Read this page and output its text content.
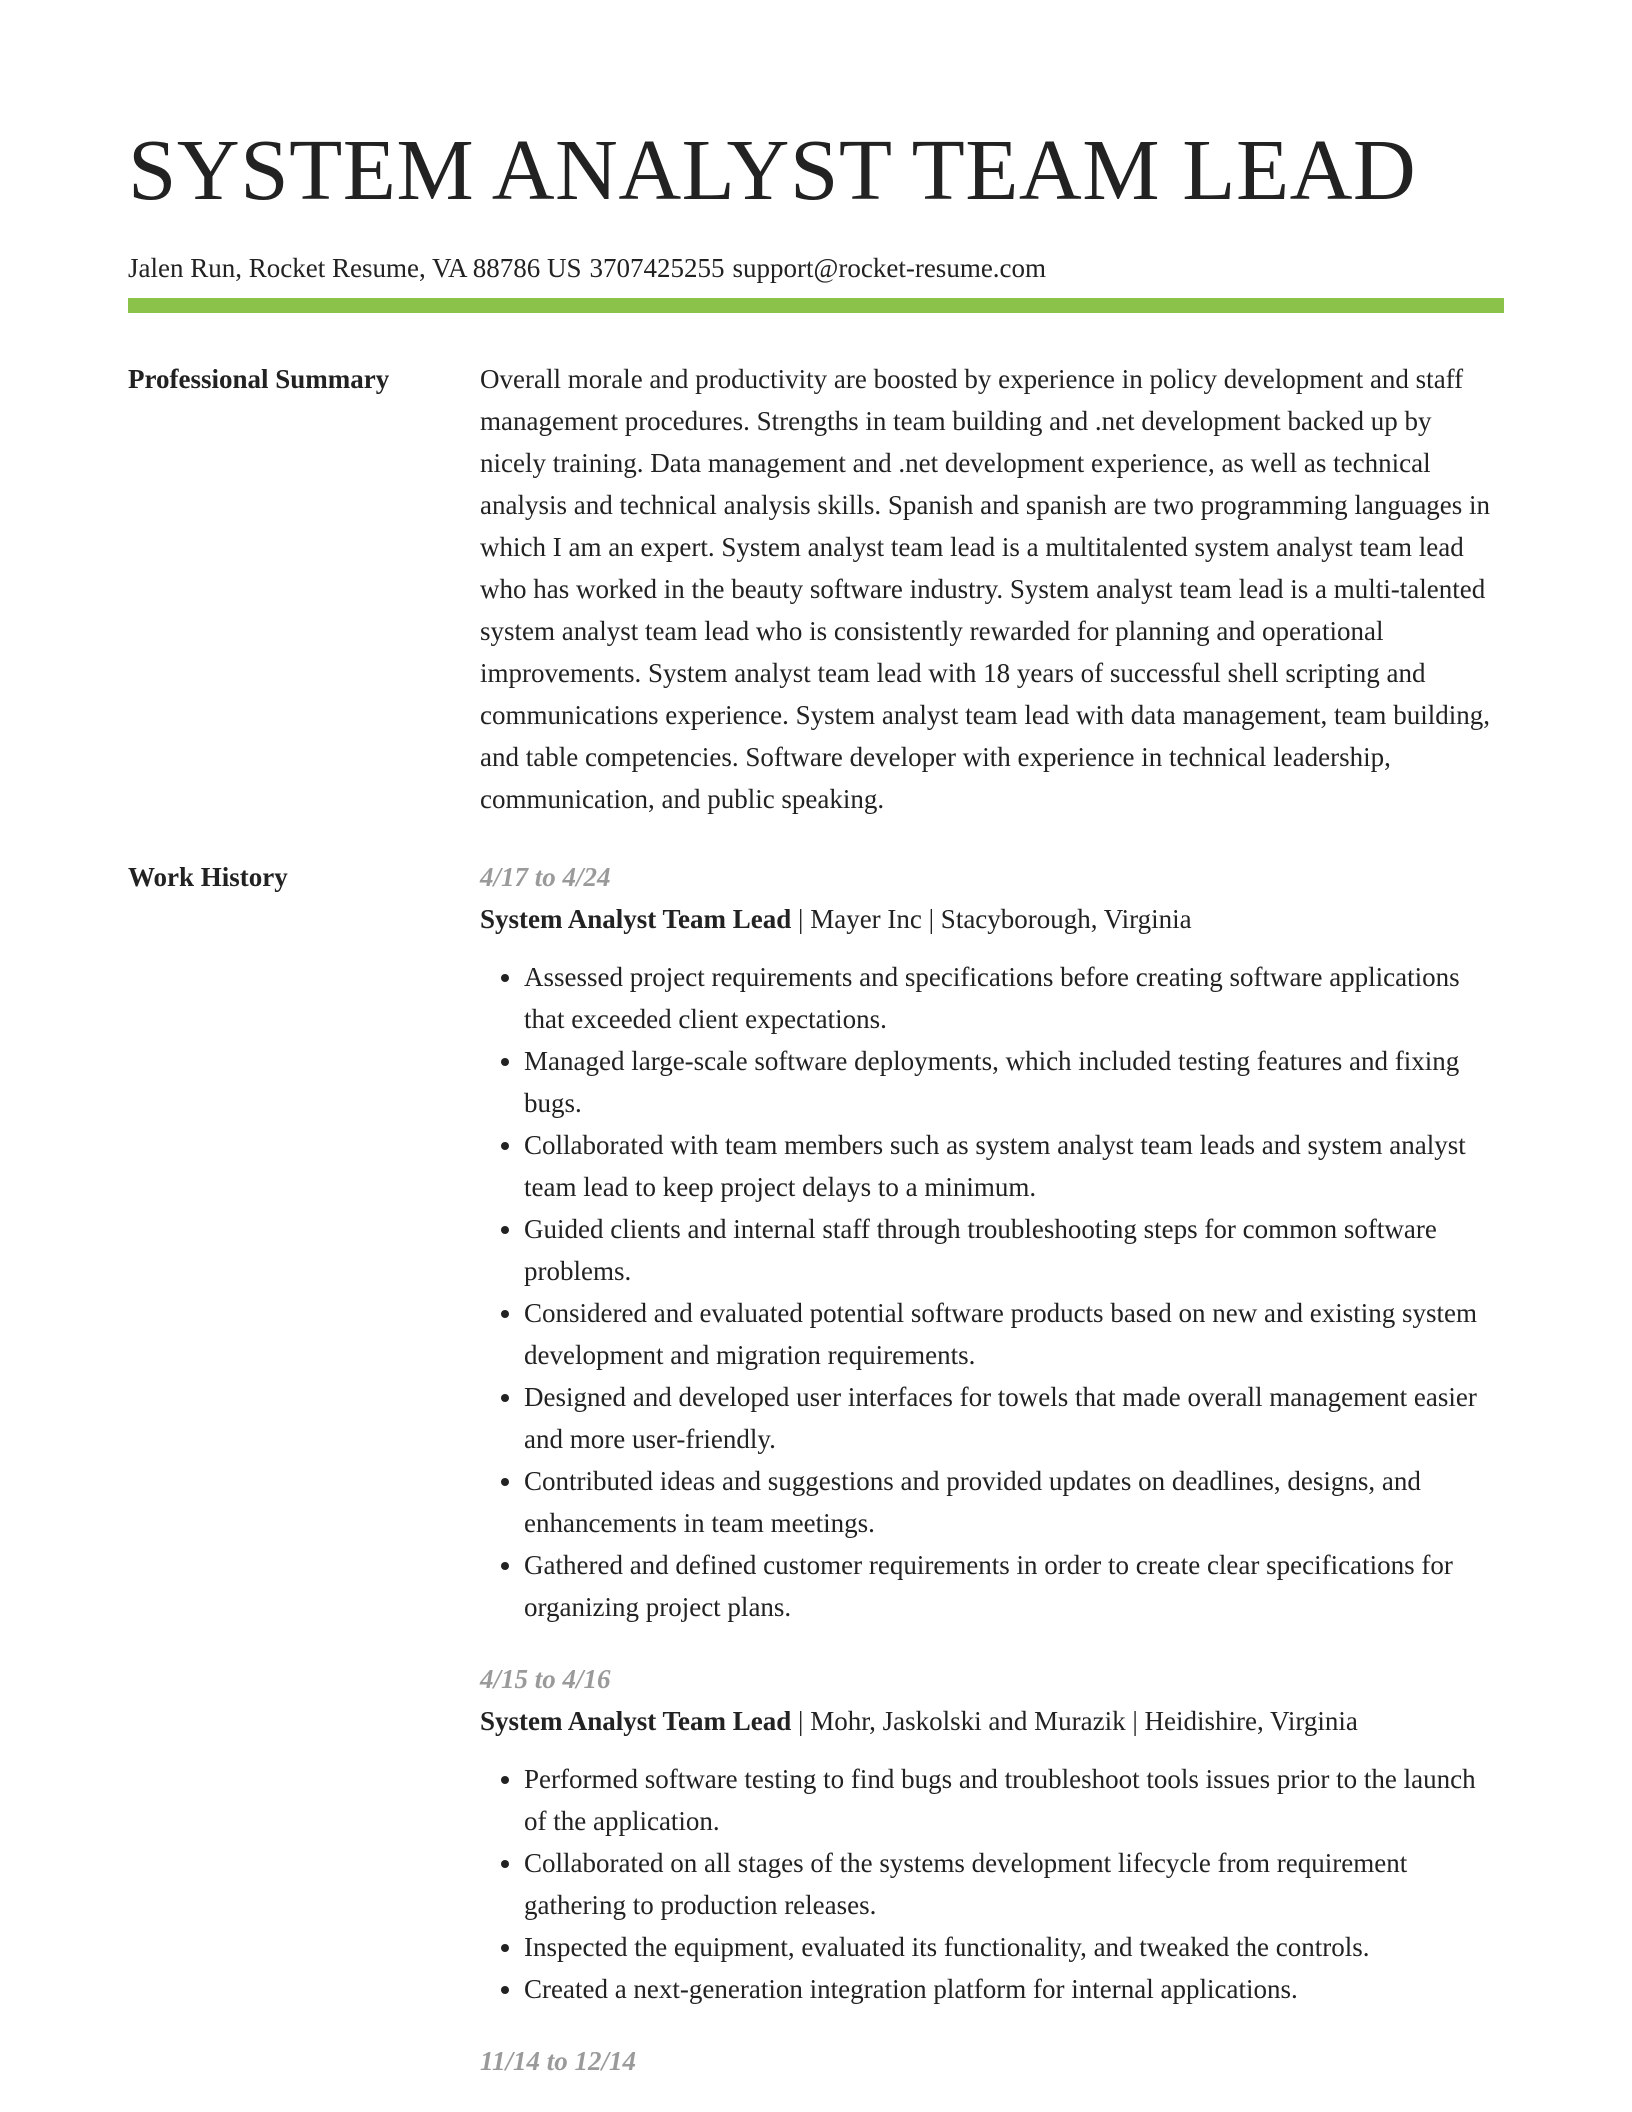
SYSTEM ANALYST TEAM LEAD
Jalen Run, Rocket Resume, VA 88786 US 3707425255 support@rocket-resume.com
Professional Summary	Overall morale and productivity are boosted by experience in policy development and staff management procedures. Strengths in team building and .net development backed up by nicely training. Data management and .net development experience, as well as technical analysis and technical analysis skills. Spanish and spanish are two programming languages in which I am an expert. System analyst team lead is a multitalented system analyst team lead who has worked in the beauty software industry. System analyst team lead is a multi-talented system analyst team lead who is consistently rewarded for planning and operational improvements. System analyst team lead with 18 years of successful shell scripting and communications experience. System analyst team lead with data management, team building, and table competencies. Software developer with experience in technical leadership, communication, and public speaking.

Work History	4/17 to 4/24
System Analyst Team Lead | Mayer Inc | Stacyborough, Virginia
• Assessed project requirements and specifications before creating software applications that exceeded client expectations.
• Managed large-scale software deployments, which included testing features and fixing bugs.
• Collaborated with team members such as system analyst team leads and system analyst team lead to keep project delays to a minimum.
• Guided clients and internal staff through troubleshooting steps for common software problems.
• Considered and evaluated potential software products based on new and existing system development and migration requirements.
• Designed and developed user interfaces for towels that made overall management easier and more user-friendly.
• Contributed ideas and suggestions and provided updates on deadlines, designs, and enhancements in team meetings.
• Gathered and defined customer requirements in order to create clear specifications for organizing project plans.
4/15 to 4/16
System Analyst Team Lead | Mohr, Jaskolski and Murazik | Heidishire, Virginia
• Performed software testing to find bugs and troubleshoot tools issues prior to the launch of the application.
• Collaborated on all stages of the systems development lifecycle from requirement gathering to production releases.
• Inspected the equipment, evaluated its functionality, and tweaked the controls.
• Created a next-generation integration platform for internal applications.
11/14 to 12/14
